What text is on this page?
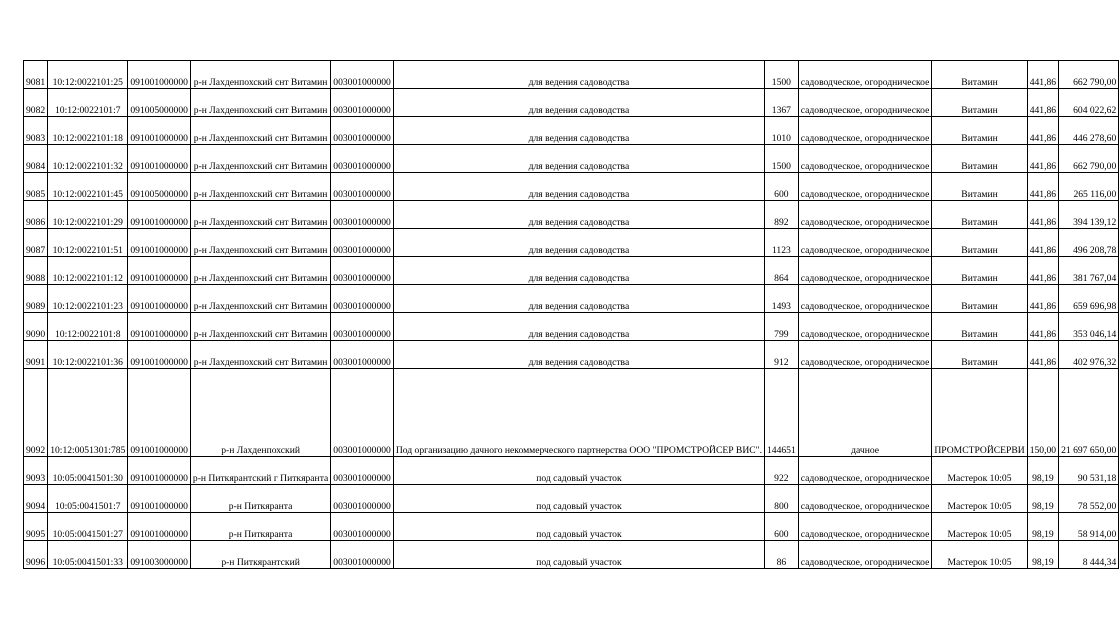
9081	10:12:0022101:25	091001000000	р-н Лахденпохский снт Витамин	003001000000	для ведения садоводства	1500	садоводческое, огородническое	Витамин	441,86	662 790,00
9082	10:12:0022101:7	091005000000	р-н Лахденпохский снт Витамин	003001000000	для ведения садоводства	1367	садоводческое, огородническое	Витамин	441,86	604 022,62
9083	10:12:0022101:18	091001000000	р-н Лахденпохский снт Витамин	003001000000	для ведения садоводства	1010	садоводческое, огородническое	Витамин	441,86	446 278,60
9084	10:12:0022101:32	091001000000	р-н Лахденпохский снт Витамин	003001000000	для ведения садоводства	1500	садоводческое, огородническое	Витамин	441,86	662 790,00
9085	10:12:0022101:45	091005000000	р-н Лахденпохский снт Витамин	003001000000	для ведения садоводства	600	садоводческое, огородническое	Витамин	441,86	265 116,00
9086	10:12:0022101:29	091001000000	р-н Лахденпохский снт Витамин	003001000000	для ведения садоводства	892	садоводческое, огородническое	Витамин	441,86	394 139,12
9087	10:12:0022101:51	091001000000	р-н Лахденпохский снт Витамин	003001000000	для ведения садоводства	1123	садоводческое, огородническое	Витамин	441,86	496 208,78
9088	10:12:0022101:12	091001000000	р-н Лахденпохский снт Витамин	003001000000	для ведения садоводства	864	садоводческое, огородническое	Витамин	441,86	381 767,04
9089	10:12:0022101:23	091001000000	р-н Лахденпохский снт Витамин	003001000000	для ведения садоводства	1493	садоводческое, огородническое	Витамин	441,86	659 696,98
9090	10:12:0022101:8	091001000000	р-н Лахденпохский снт Витамин	003001000000	для ведения садоводства	799	садоводческое, огородническое	Витамин	441,86	353 046,14
9091	10:12:0022101:36	091001000000	р-н Лахденпохский снт Витамин	003001000000	для ведения садоводства	912	садоводческое, огородническое	Витамин	441,86	402 976,32
9092	10:12:0051301:785	091001000000	р-н Лахденпохский	003001000000	Под организацию дачного некоммерческого партнерства ООО "ПРОМСТРОЙСЕР ВИС".	144651	дачное	ПРОМСТРОЙСЕРВИ	150,00	21 697 650,00
9093	10:05:0041501:30	091001000000	р-н Питкярантский г Питкяранта	003001000000	под садовый участок	922	садоводческое, огородническое	Мастерок 10:05	98,19	90 531,18
9094	10:05:0041501:7	091001000000	р-н Питкяранта	003001000000	под садовый участок	800	садоводческое, огородническое	Мастерок 10:05	98,19	78 552,00
9095	10:05:0041501:27	091001000000	р-н Питкяранта	003001000000	под садовый участок	600	садоводческое, огородническое	Мастерок 10:05	98,19	58 914,00
9096	10:05:0041501:33	091003000000	р-н Питкярантский	003001000000	под садовый участок	86	садоводческое, огородническое	Мастерок 10:05	98,19	8 444,34
